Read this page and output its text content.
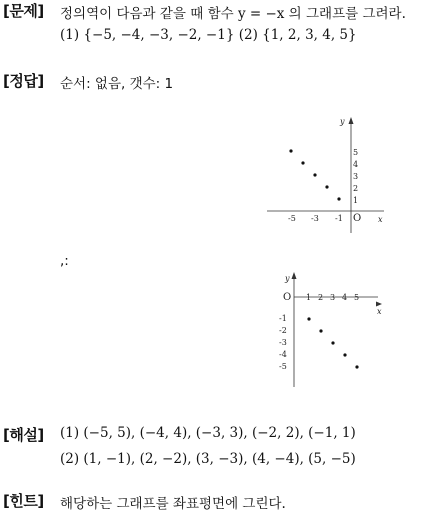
[문제] 정의역이 다음과 같을 때 함수 y = −x 의 그래프를 그려라.
(1) {−5, −4, −3, −2, −1} (2) {1, 2, 3, 4, 5}
[정답] 순서: 없음, 갯수: 1
,:
y
x
O
-5 -3 -1
5
4
3
2
1
y
x
O 1 2 3 4 5
-1
-2
-3
-4
-5
[해설] (1) (−5, 5), (−4, 4), (−3, 3), (−2, 2), (−1, 1)
(2) (1, −1), (2, −2), (3, −3), (4, −4), (5, −5)
[힌트] 해당하는 그래프를 좌표평면에 그린다.
